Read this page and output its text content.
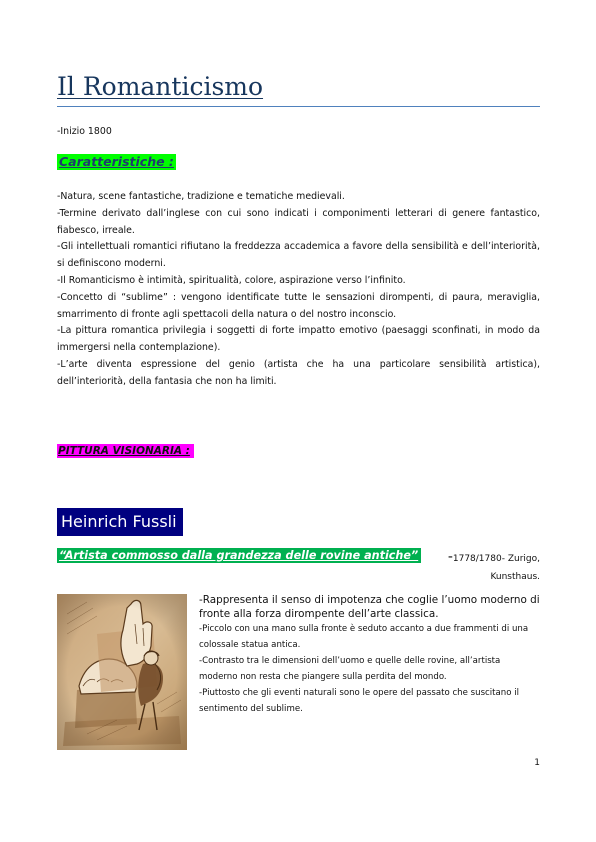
Il Romanticismo
-Inizio 1800
Caratteristiche :

-Natura, scene fantastiche, tradizione e tematiche medievali.

-Termine derivato dall’inglese con cui sono indicati i componimenti letterari di genere fantastico, fiabesco, irreale.

-Gli intellettuali romantici rifiutano la freddezza accademica a favore della sensibilità e dell’interiorità, si definiscono moderni.

-Il Romanticismo è intimità, spiritualità, colore, aspirazione verso l’infinito.

-Concetto di “sublime” : vengono identificate tutte le sensazioni dirompenti, di paura, meraviglia, smarrimento di fronte agli spettacoli della natura o del nostro inconscio.

-La pittura romantica privilegia i soggetti di forte impatto emotivo (paesaggi sconfinati, in modo da immergersi nella contemplazione).

-L’arte diventa espressione del genio (artista che ha una particolare sensibilità artistica), dell’interiorità, della fantasia che non ha limiti.

PITTURA VISIONARIA :
Heinrich Fussli
“Artista commosso dalla grandezza delle rovine antiche”	-1778/1780- Zurigo,
Kunsthaus.

-Rappresenta il senso di impotenza che coglie l’uomo moderno di fronte alla forza dirompente dell’arte classica.

-Piccolo con una mano sulla fronte è seduto accanto a due frammenti di una colossale statua antica.

-Contrasto tra le dimensioni dell’uomo e quelle delle rovine, all’artista moderno non resta che piangere sulla perdita del mondo.

-Piuttosto che gli eventi naturali sono le opere del passato che suscitano il sentimento del sublime.

1
